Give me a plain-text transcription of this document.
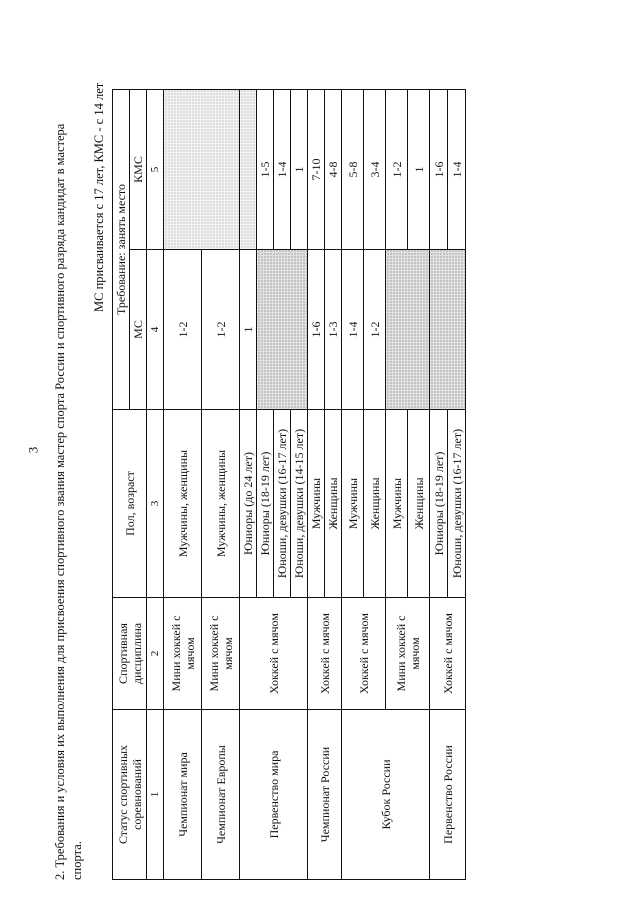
3 2. Требования и условия их выполнения для присвоения спортивного звания мастер спорта России и спортивного разряда кандидат в мастера спорта.
МС присваивается с 17 лет, КМС - с 14 лет
Статус спортивных соревнований	Спортивная дисциплина	Пол, возраст	Требование: занять место	
			МС	КМС
1	2	3	4	5
Чемпионат мира	Мини хоккей с мячом	Мужчины, женщины	1-2	
Чемпионат Европы	Мини хоккей с мячом	Мужчины, женщины	1-2	
Первенство мира	Хоккей с мячом	Юниоры (до 24 лет)	1	
		Юниоры (18-19 лет)		1-5
		Юноши, девушки (16-17 лет)		1-4
		Юноши, девушки (14-15 лет)		1
Чемпионат России	Хоккей с мячом	Мужчины	1-6	7-10
		Женщины	1-3	4-8
Кубок России	Хоккей с мячом	Мужчины	1-4	5-8
		Женщины	1-2	3-4
	Мини хоккей с мячом	Мужчины		1-2
		Женщины		1
Первенство России	Хоккей с мячом	Юниоры (18-19 лет)		1-6
		Юноши, девушки (16-17 лет)		1-4
